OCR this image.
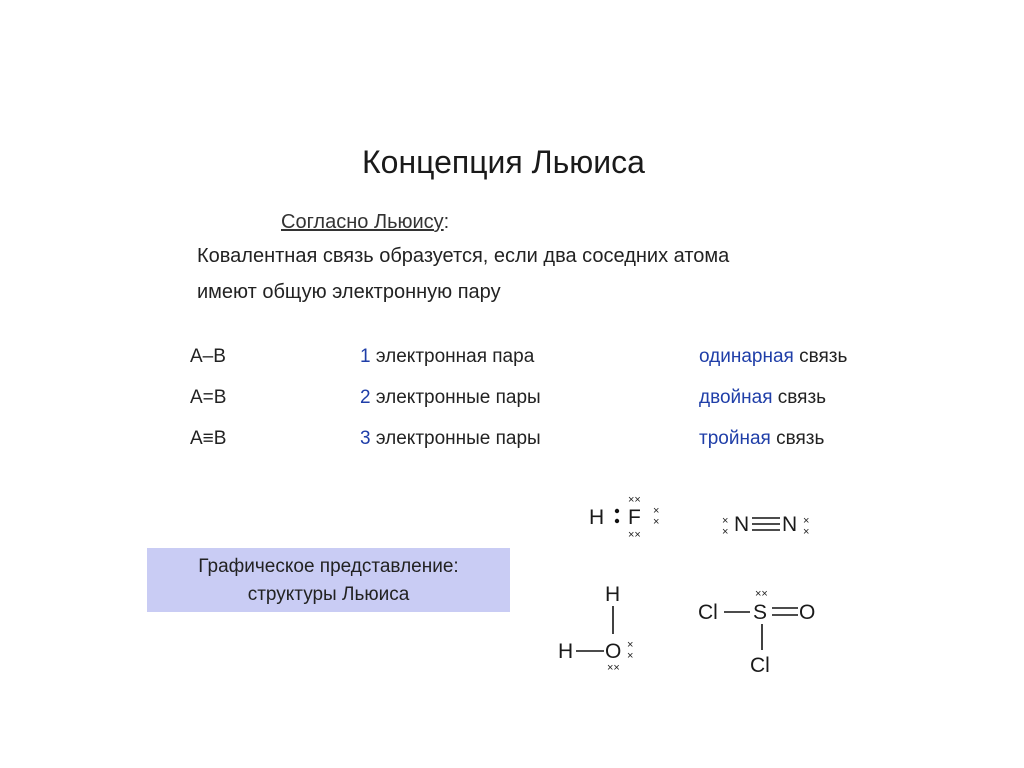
Концепция Льюиса
Согласно Льюису:
Ковалентная связь образуется, если два соседних атома
имеют общую электронную пару
A–B	1 электронная пара	одинарная связь
A=B	2 электронные пары	двойная связь
A≡B	3 электронные пары	тройная связь
Графическое представление:
структуры Льюиса
H F
××
××
×
×	×
× N N ×
×
H
H O ×
×
××
Cl
××
S O
Cl
